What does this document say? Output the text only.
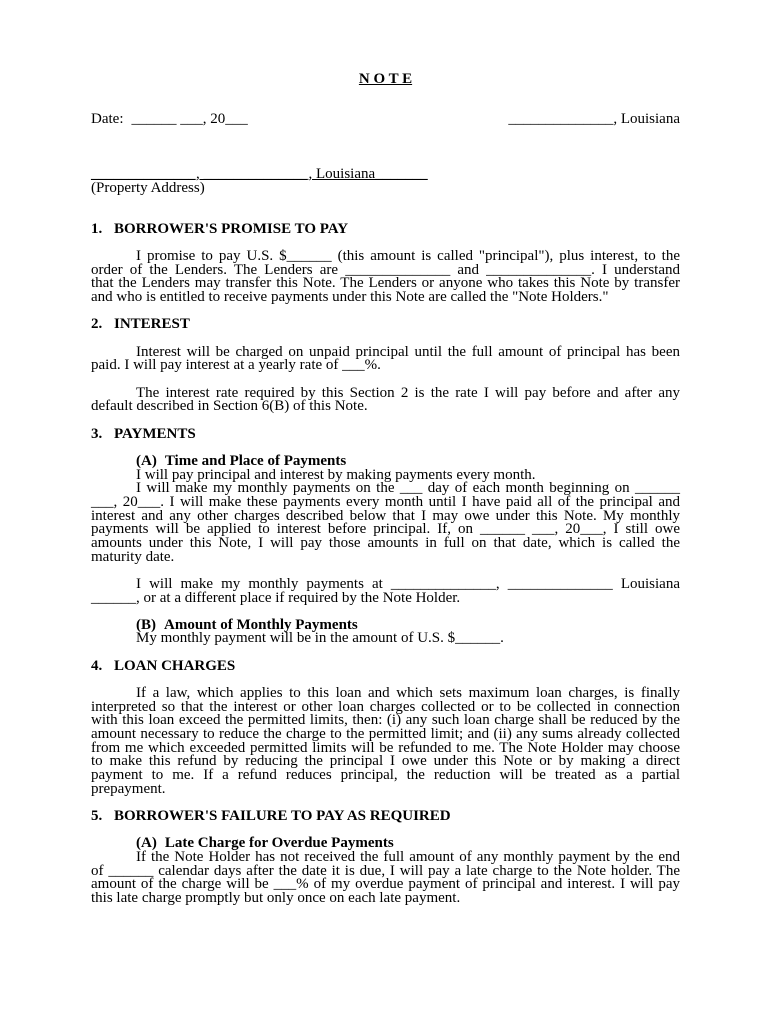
N O T E
Date: ______ ___, 20___	______________, Louisiana
______________, ______________, Louisiana_______
(Property Address)
1. BORROWER'S PROMISE TO PAY
I promise to pay U.S. $______ (this amount is called "principal"), plus interest, to the
order of the Lenders. The Lenders are ______________ and ______________. I understand
that the Lenders may transfer this Note. The Lenders or anyone who takes this Note by transfer
and who is entitled to receive payments under this Note are called the "Note Holders."
2. INTEREST
Interest will be charged on unpaid principal until the full amount of principal has been
paid. I will pay interest at a yearly rate of ___%.
The interest rate required by this Section 2 is the rate I will pay before and after any
default described in Section 6(B) of this Note.
3. PAYMENTS
(A) Time and Place of Payments
I will pay principal and interest by making payments every month.
I will make my monthly payments on the ___ day of each month beginning on ______
___, 20___. I will make these payments every month until I have paid all of the principal and
interest and any other charges described below that I may owe under this Note. My monthly
payments will be applied to interest before principal. If, on ______ ___, 20___, I still owe
amounts under this Note, I will pay those amounts in full on that date, which is called the
maturity date.
I will make my monthly payments at ______________, ______________ Louisiana
______, or at a different place if required by the Note Holder.
(B) Amount of Monthly Payments
My monthly payment will be in the amount of U.S. $______.
4. LOAN CHARGES
If a law, which applies to this loan and which sets maximum loan charges, is finally
interpreted so that the interest or other loan charges collected or to be collected in connection
with this loan exceed the permitted limits, then: (i) any such loan charge shall be reduced by the
amount necessary to reduce the charge to the permitted limit; and (ii) any sums already collected
from me which exceeded permitted limits will be refunded to me. The Note Holder may choose
to make this refund by reducing the principal I owe under this Note or by making a direct
payment to me. If a refund reduces principal, the reduction will be treated as a partial
prepayment.
5. BORROWER'S FAILURE TO PAY AS REQUIRED
(A) Late Charge for Overdue Payments
If the Note Holder has not received the full amount of any monthly payment by the end
of ______ calendar days after the date it is due, I will pay a late charge to the Note holder. The
amount of the charge will be ___% of my overdue payment of principal and interest. I will pay
this late charge promptly but only once on each late payment.
